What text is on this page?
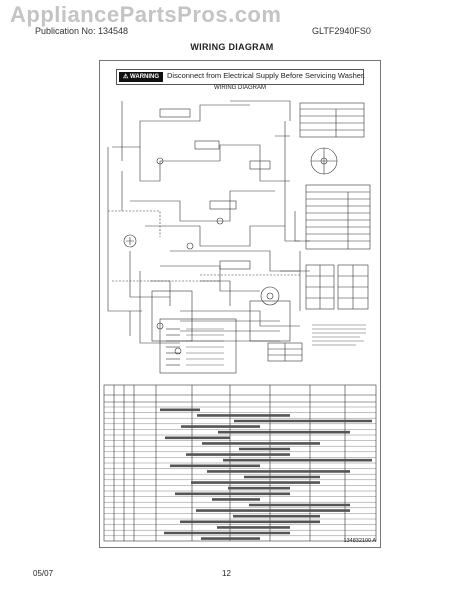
AppliancePartsPros.com
Publication No: 134548	GLTF2940FS0
WIRING DIAGRAM
⚠ WARNING	Disconnect from Electrical Supply Before Servicing Washer.
WIRING DIAGRAM
134832100 A
05/07	12
